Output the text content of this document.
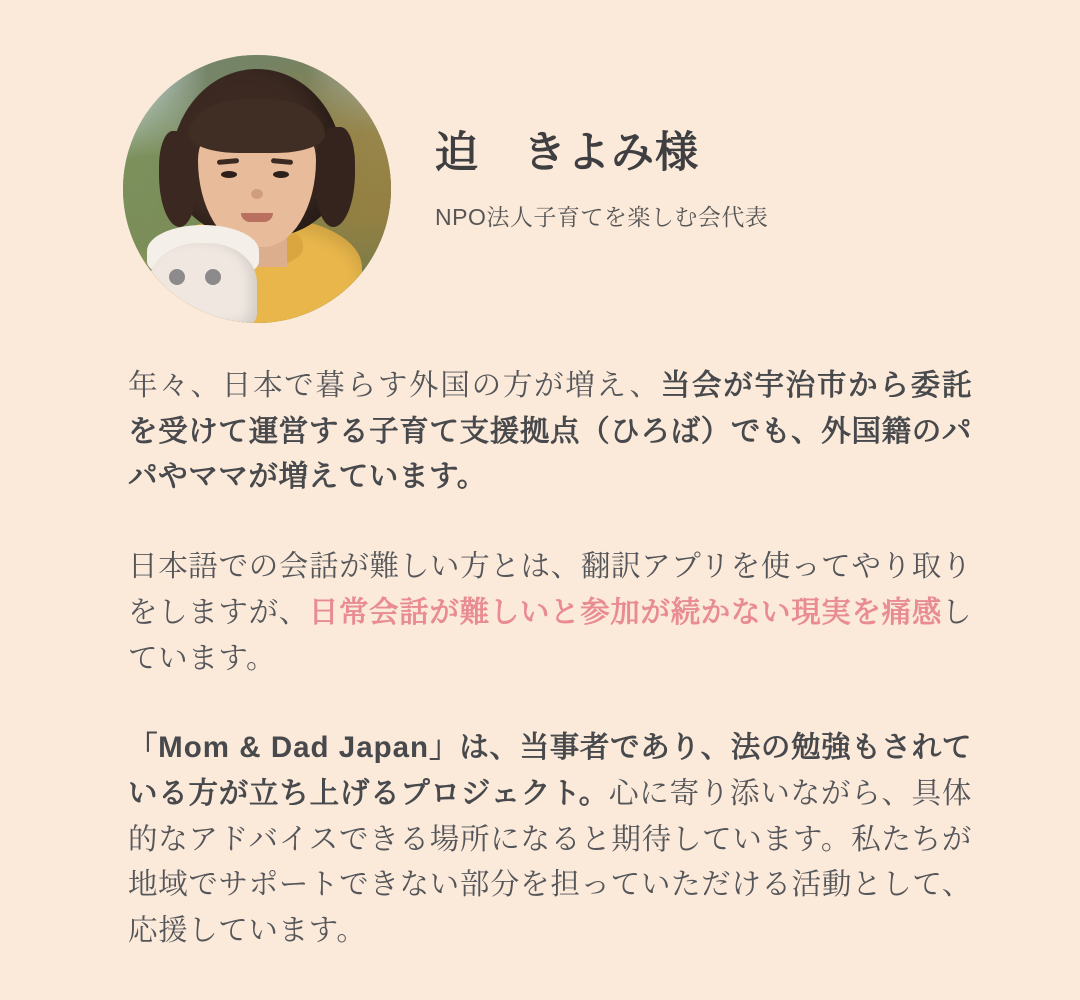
迫　きよみ様

NPO法人子育てを楽しむ会代表

年々、日本で暮らす外国の方が増え、当会が宇治市から委託を受けて運営する子育て支援拠点（ひろば）でも、外国籍のパパやママが増えています。

日本語での会話が難しい方とは、翻訳アプリを使ってやり取りをしますが、日常会話が難しいと参加が続かない現実を痛感しています。

「Mom & Dad Japan」は、当事者であり、法の勉強もされている方が立ち上げるプロジェクト。心に寄り添いながら、具体的なアドバイスできる場所になると期待しています。私たちが地域でサポートできない部分を担っていただける活動として、応援しています。
